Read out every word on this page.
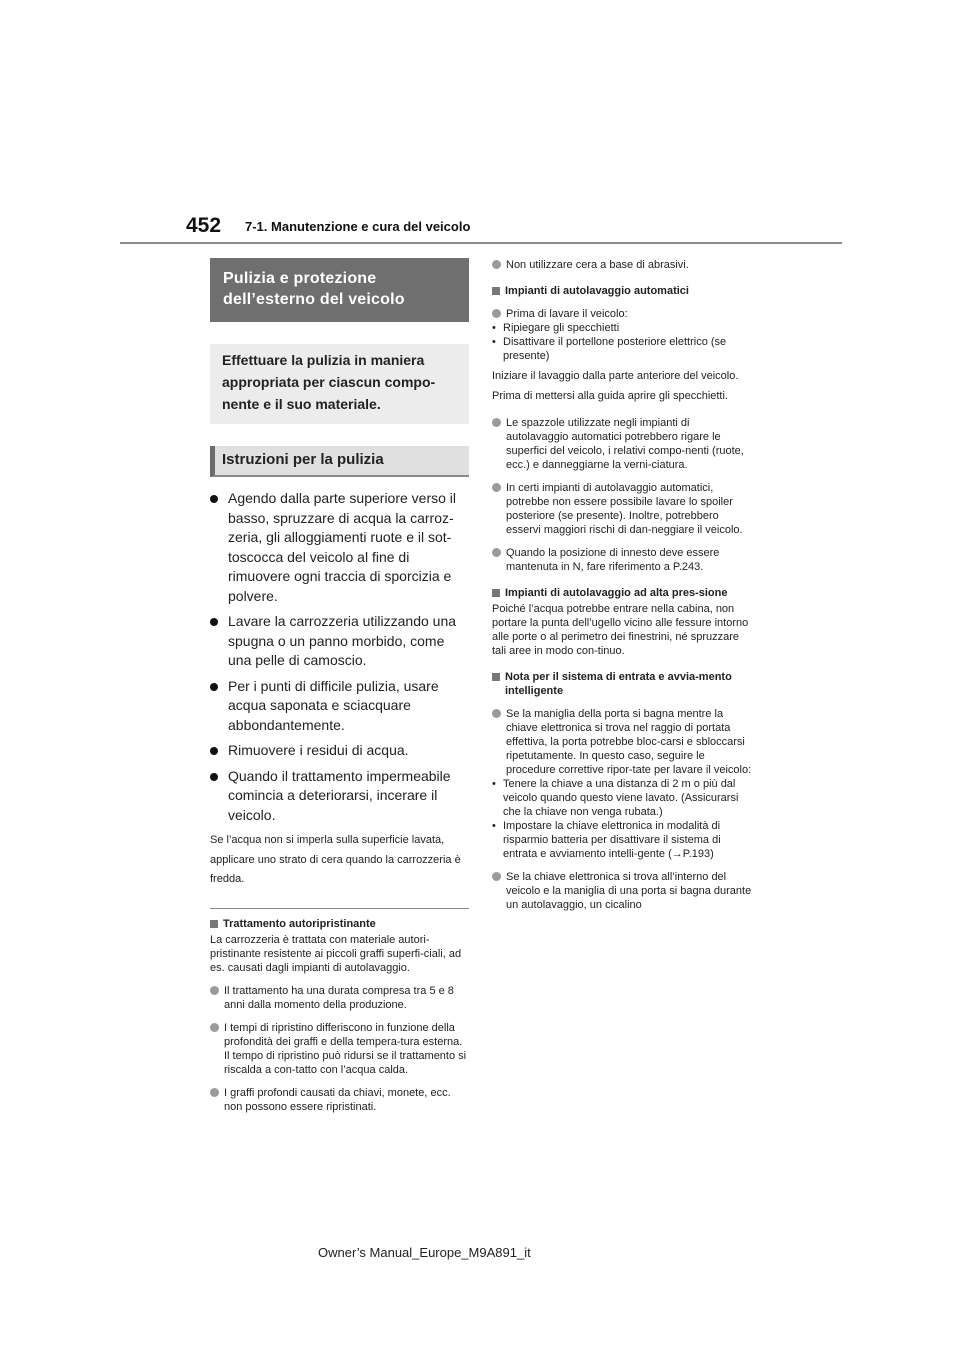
452 7-1. Manutenzione e cura del veicolo
Pulizia e protezione
dell’esterno del veicolo
Effettuare la pulizia in maniera appropriata per ciascun compo-nente e il suo materiale.
Istruzioni per la pulizia
Agendo dalla parte superiore verso il basso, spruzzare di acqua la carroz-zeria, gli alloggiamenti ruote e il sot-toscocca del veicolo al fine di rimuovere ogni traccia di sporcizia e polvere.
Lavare la carrozzeria utilizzando una spugna o un panno morbido, come una pelle di camoscio.
Per i punti di difficile pulizia, usare acqua saponata e sciacquare abbondantemente.
Rimuovere i residui di acqua.
Quando il trattamento impermeabile comincia a deteriorarsi, incerare il veicolo.
Se l’acqua non si imperla sulla superficie lavata, applicare uno strato di cera quando la carrozzeria è fredda.
Trattamento autoripristinante
La carrozzeria è trattata con materiale autori-pristinante resistente ai piccoli graffi superfi-ciali, ad es. causati dagli impianti di autolavaggio.
Il trattamento ha una durata compresa tra 5 e 8 anni dalla momento della produzione.
I tempi di ripristino differiscono in funzione della profondità dei graffi e della tempera-tura esterna. Il tempo di ripristino può ridursi se il trattamento si riscalda a con-tatto con l’acqua calda.
I graffi profondi causati da chiavi, monete, ecc. non possono essere ripristinati.
Non utilizzare cera a base di abrasivi.
Impianti di autolavaggio automatici
Prima di lavare il veicolo:
• Ripiegare gli specchietti
• Disattivare il portellone posteriore elettrico (se presente)
Iniziare il lavaggio dalla parte anteriore del veicolo. Prima di mettersi alla guida aprire gli specchietti.
Le spazzole utilizzate negli impianti di autolavaggio automatici potrebbero rigare le superfici del veicolo, i relativi compo-nenti (ruote, ecc.) e danneggiarne la verni-ciatura.
In certi impianti di autolavaggio automatici, potrebbe non essere possibile lavare lo spoiler posteriore (se presente). Inoltre, potrebbero esservi maggiori rischi di dan-neggiare il veicolo.
Quando la posizione di innesto deve essere mantenuta in N, fare riferimento a P.243.
Impianti di autolavaggio ad alta pres-sione
Poiché l’acqua potrebbe entrare nella cabina, non portare la punta dell’ugello vicino alle fessure intorno alle porte o al perimetro dei finestrini, né spruzzare tali aree in modo con-tinuo.
Nota per il sistema di entrata e avvia-mento intelligente
Se la maniglia della porta si bagna mentre la chiave elettronica si trova nel raggio di portata effettiva, la porta potrebbe bloc-carsi e sbloccarsi ripetutamente. In questo caso, seguire le procedure correttive ripor-tate per lavare il veicolo:
• Tenere la chiave a una distanza di 2 m o più dal veicolo quando questo viene lavato. (Assicurarsi che la chiave non venga rubata.)
• Impostare la chiave elettronica in modalità di risparmio batteria per disattivare il sistema di entrata e avviamento intelli-gente (→P.193)
Se la chiave elettronica si trova all’interno del veicolo e la maniglia di una porta si bagna durante un autolavaggio, un cicalino
Owner’s Manual_Europe_M9A891_it
